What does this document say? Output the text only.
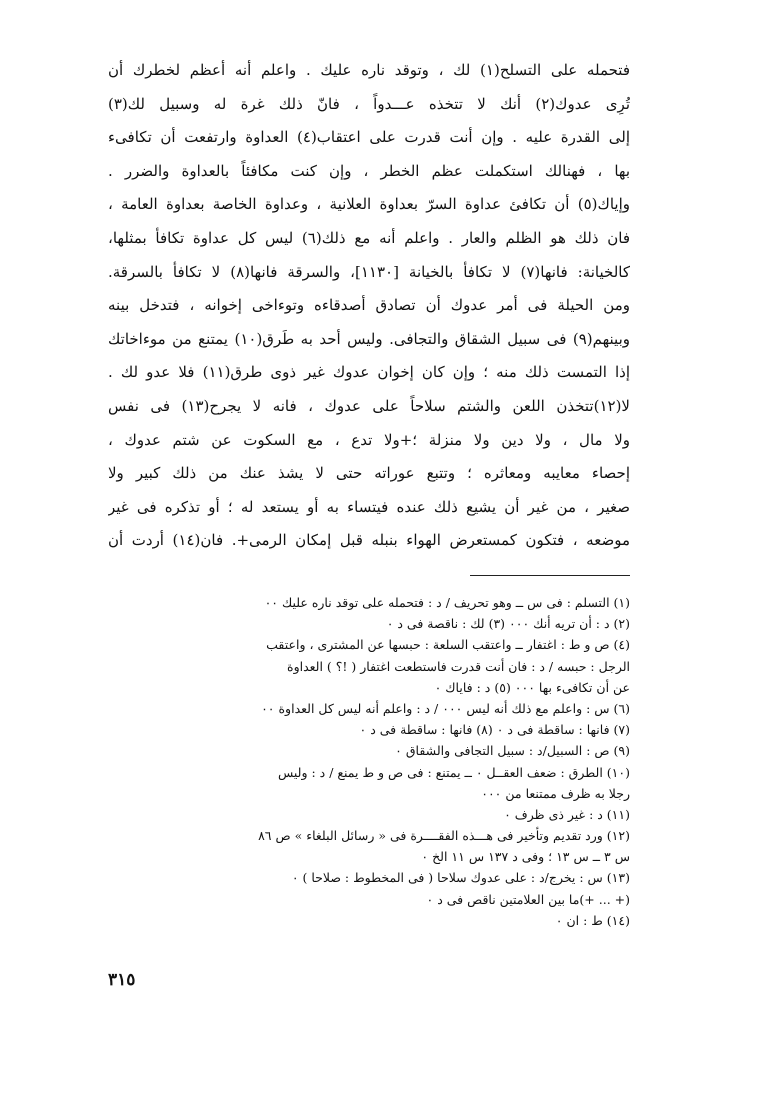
فتحمله على التسلح(١) لك ، وتوقد ناره عليك . واعلم أنه أعظم لخطرك أن
تُرِى عدوك(٢) أنك لا تتخذه عـــدواً ، فانّ ذلك غرة له وسبيل لك(٣)
إلى القدرة عليه . وإن أنت قدرت على اعتقاب(٤) العداوة وارتفعت أن تكافىء
بها ، فهنالك استكملت عظم الخطر ، وإن كنت مكافئاً بالعداوة والضرر .
وإياك(٥) أن تكافئ عداوة السرّ بعداوة العلانية ، وعداوة الخاصة بعداوة العامة ،
فان ذلك هو الظلم والعار . واعلم أنه مع ذلك(٦) ليس كل عداوة تكافأ بمثلها،
كالخيانة: فانها(٧) لا تكافأ بالخيانة [١١٣٠]، والسرقة فانها(٨) لا تكافأ بالسرقة.
ومن الحيلة فى أمر عدوك أن تصادق أصدقاءه وتوءاخى إخوانه ، فتدخل بينه
وبينهم(٩) فى سبيل الشقاق والتجافى. وليس أحد به طَرق(١٠) يمتنع من موءاخاتك
إذا التمست ذلك منه ؛ وإن كان إخوان عدوك غير ذوى طرق(١١) فلا عدو لك .
لا(١٢)تتخذن اللعن والشتم سلاحاً على عدوك ، فانه لا يجرح(١٣) فى نفس
ولا مال ، ولا دين ولا منزلة ؛+ولا تدع ، مع السكوت عن شتم عدوك ،
إحصاء معايبه ومعاثره ؛ وتتبع عوراته حتى لا يشذ عنك من ذلك كبير ولا
صغير ، من غير أن يشيع ذلك عنده فيتساء به أو يستعد له ؛ أو تذكره فى غير
موضعه ، فتكون كمستعرض الهواء بنبله قبل إمكان الرمى+. فان(١٤) أردت أن
(١) التسلم : فى س ــ وهو تحريف / د : فتحمله على توقد ناره عليك ٠٠
(٢) د : أن تريه أنك ٠٠٠ (٣) لك : ناقصة فى د ٠
(٤) ص و ط : اغتفار ــ واعتقب السلعة : حبسها عن المشترى ، واعتقب
الرجل : حبسه / د : فان أنت قدرت فاستطعت اغتفار ( !؟ ) العداوة
عن أن تكافىء بها ٠٠٠ (٥) د : فاياك ٠
(٦) س : واعلم مع ذلك أنه ليس ٠٠٠ / د : واعلم أنه ليس كل العداوة ٠٠
(٧) فانها : ساقطة فى د ٠ (٨) فانها : ساقطة فى د ٠
(٩) ص : السبيل/د : سبيل التجافى والشقاق ٠
(١٠) الطرق : ضعف العقــل ٠ ــ يمتنع : فى ص و ط يمنع / د : وليس
رجلا به ظرف ممتنعا من ٠٠٠
(١١) د : غير ذى ظرف ٠
(١٢) ورد تقديم وتأخير فى هـــذه الفقــــرة فى « رسائل البلغاء » ص ٨٦
س ٣ ــ س ١٣ ؛ وفى د ١٣٧ س ١١ الخ ٠
(١٣) س : يخرج/د : على عدوك سلاحا ( فى المخطوط : صلاحا ) ٠
(+ ... +)ما بين العلامتين ناقص فى د ٠
(١٤) ط : ان ٠
٣١٥
